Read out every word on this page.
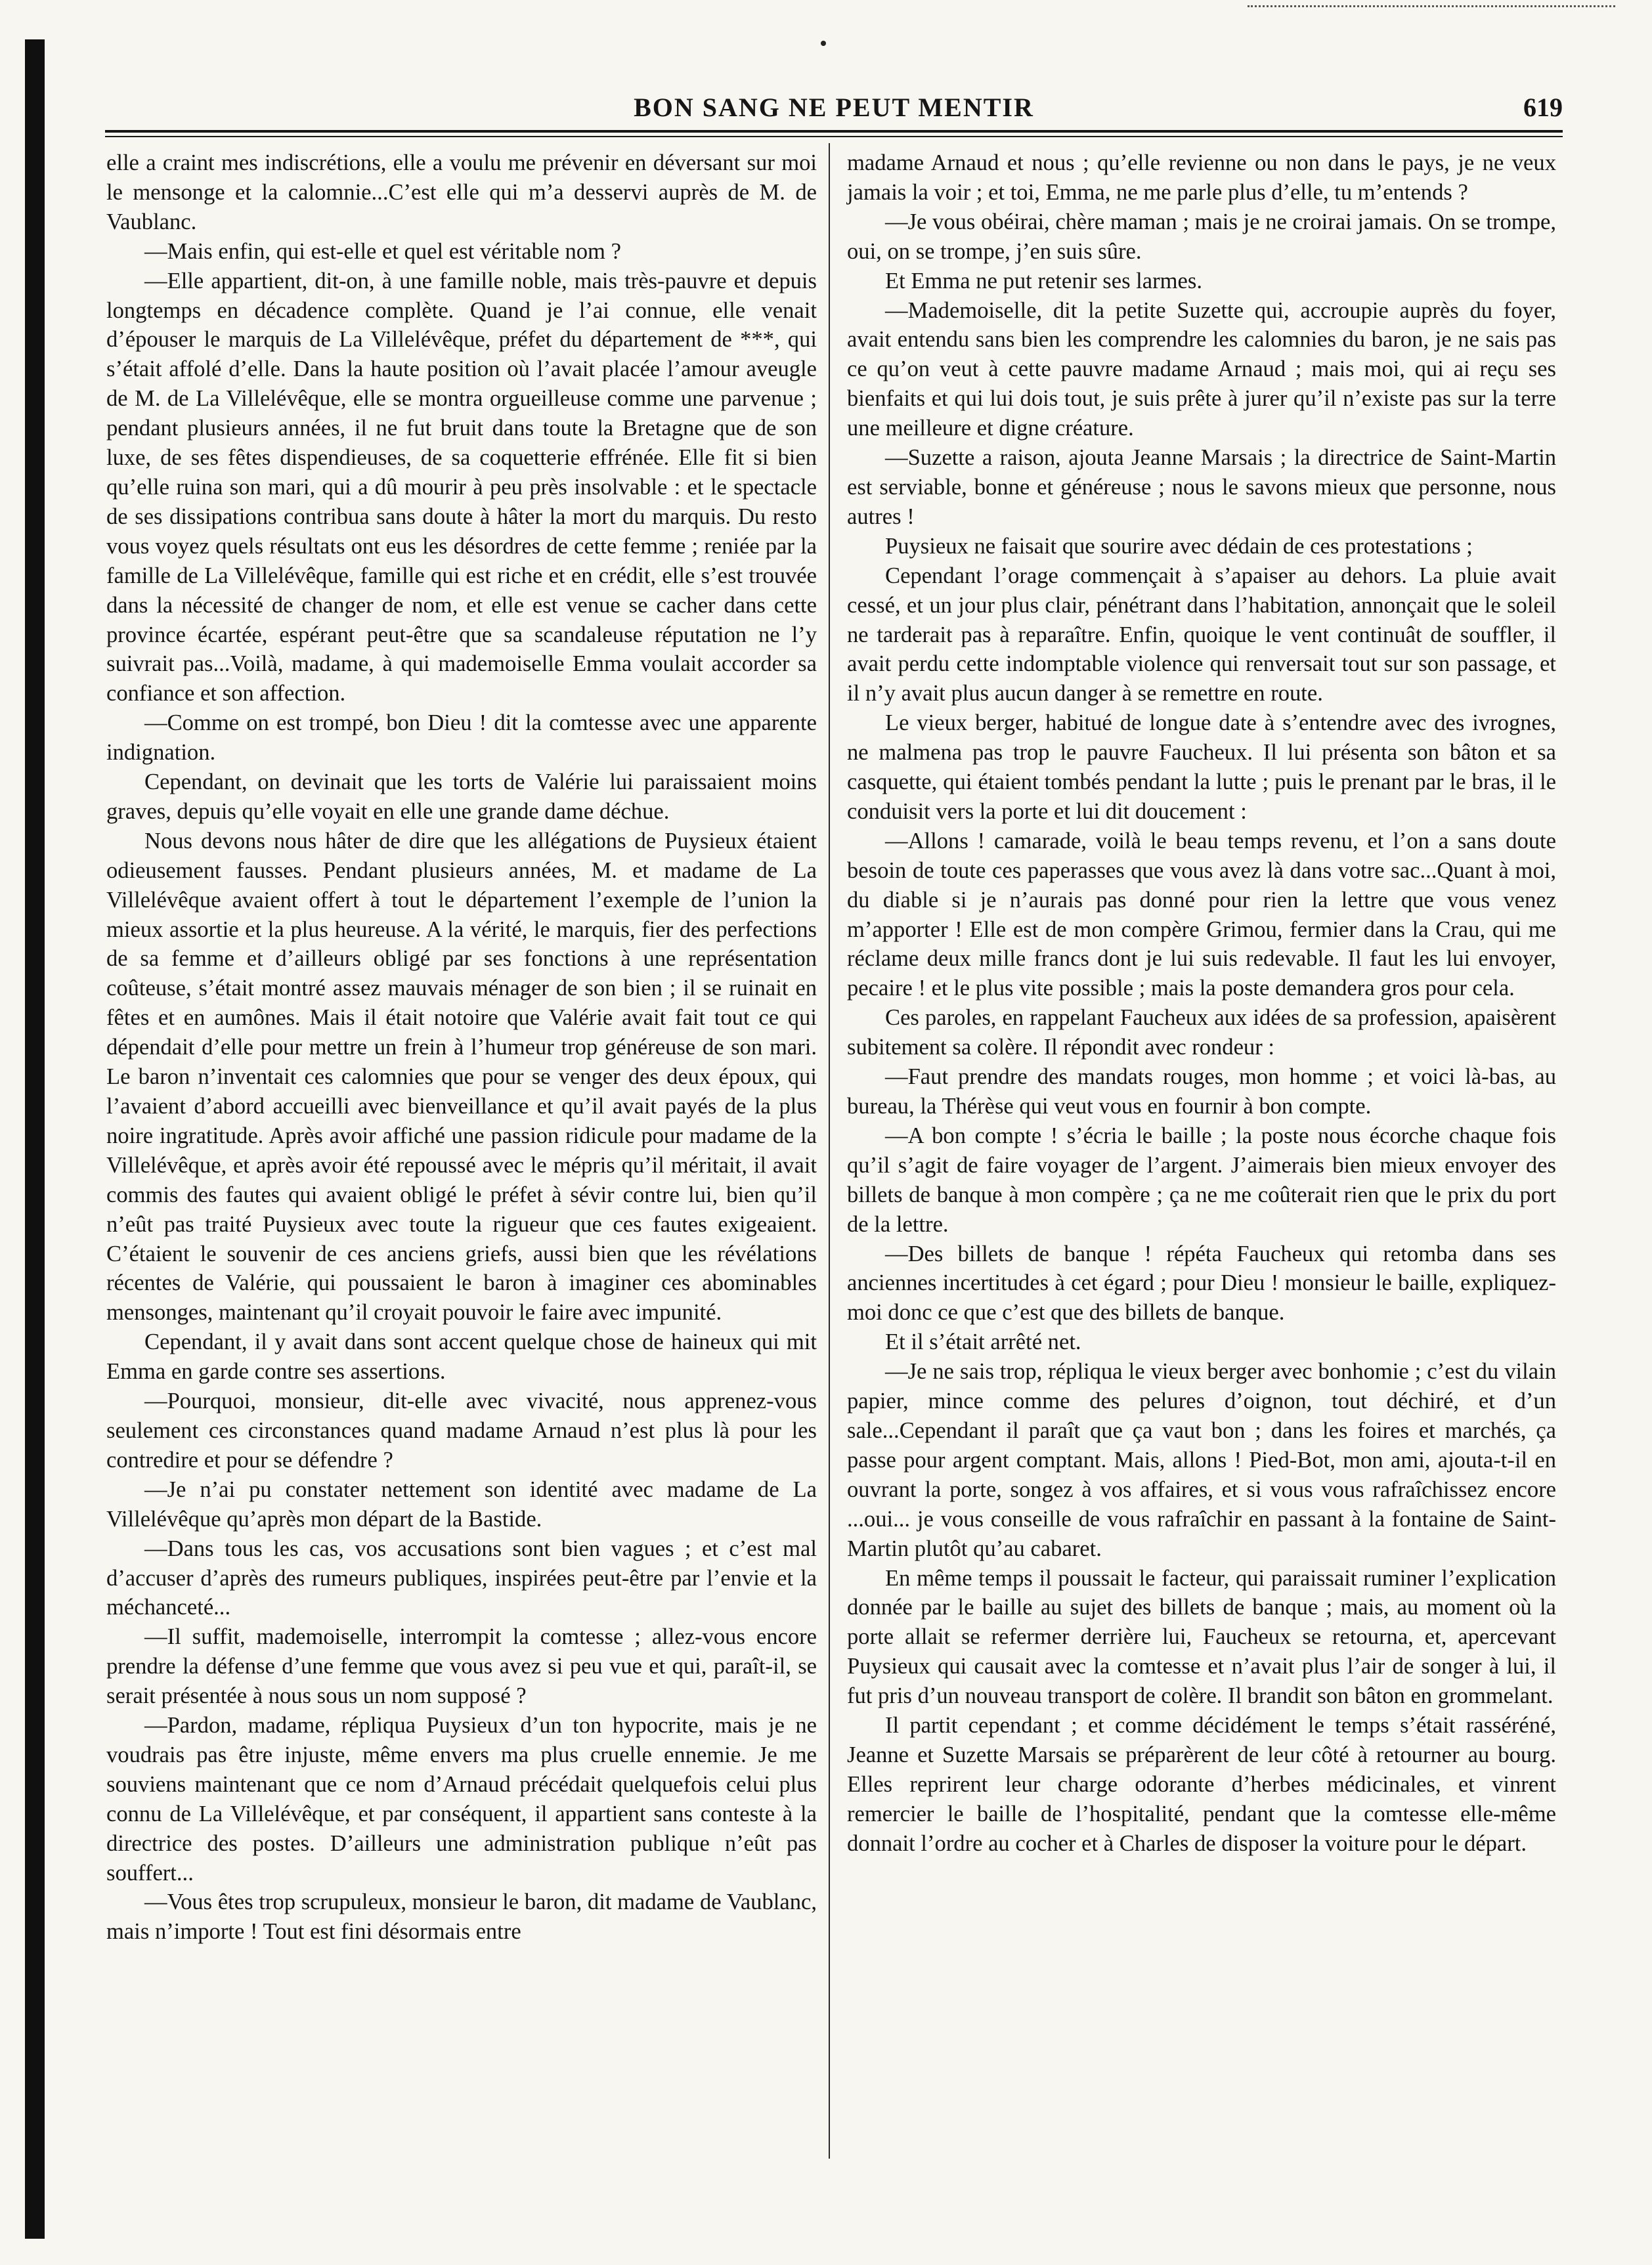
BON SANG NE PEUT MENTIR	619

elle a craint mes indiscrétions, elle a voulu me prévenir en déversant sur moi le mensonge et la calomnie...C’est elle qui m’a desservi auprès de M. de Vaublanc.

—Mais enfin, qui est-elle et quel est véritable nom ?

—Elle appartient, dit-on, à une famille noble, mais très-pauvre et depuis longtemps en décadence complète. Quand je l’ai connue, elle venait d’épouser le marquis de La Villelévêque, préfet du département de ***, qui s’était affolé d’elle. Dans la haute position où l’avait placée l’amour aveugle de M. de La Villelévêque, elle se montra orgueilleuse comme une parvenue ; pendant plusieurs années, il ne fut bruit dans toute la Bretagne que de son luxe, de ses fêtes dispendieuses, de sa coquetterie effrénée. Elle fit si bien qu’elle ruina son mari, qui a dû mourir à peu près insolvable : et le spectacle de ses dissipations contribua sans doute à hâter la mort du marquis. Du resto vous voyez quels résultats ont eus les désordres de cette femme ; reniée par la famille de La Villelévêque, famille qui est riche et en crédit, elle s’est trouvée dans la nécessité de changer de nom, et elle est venue se cacher dans cette province écartée, espérant peut-être que sa scandaleuse réputation ne l’y suivrait pas...Voilà, madame, à qui mademoiselle Emma voulait accorder sa confiance et son affection.

—Comme on est trompé, bon Dieu ! dit la comtesse avec une apparente indignation.

Cependant, on devinait que les torts de Valérie lui paraissaient moins graves, depuis qu’elle voyait en elle une grande dame déchue.

Nous devons nous hâter de dire que les allégations de Puysieux étaient odieusement fausses. Pendant plusieurs années, M. et madame de La Villelévêque avaient offert à tout le département l’exemple de l’union la mieux assortie et la plus heureuse. A la vérité, le marquis, fier des perfections de sa femme et d’ailleurs obligé par ses fonctions à une représentation coûteuse, s’était montré assez mauvais ménager de son bien ; il se ruinait en fêtes et en aumônes. Mais il était notoire que Valérie avait fait tout ce qui dépendait d’elle pour mettre un frein à l’humeur trop généreuse de son mari. Le baron n’inventait ces calomnies que pour se venger des deux époux, qui l’avaient d’abord accueilli avec bienveillance et qu’il avait payés de la plus noire ingratitude. Après avoir affiché une passion ridicule pour madame de la Villelévêque, et après avoir été repoussé avec le mépris qu’il méritait, il avait commis des fautes qui avaient obligé le préfet à sévir contre lui, bien qu’il n’eût pas traité Puysieux avec toute la rigueur que ces fautes exigeaient. C’étaient le souvenir de ces anciens griefs, aussi bien que les révélations récentes de Valérie, qui poussaient le baron à imaginer ces abominables mensonges, maintenant qu’il croyait pouvoir le faire avec impunité.

Cependant, il y avait dans sont accent quelque chose de haineux qui mit Emma en garde contre ses assertions.

—Pourquoi, monsieur, dit-elle avec vivacité, nous apprenez-vous seulement ces circonstances quand madame Arnaud n’est plus là pour les contredire et pour se défendre ?

—Je n’ai pu constater nettement son identité avec madame de La Villelévêque qu’après mon départ de la Bastide.

—Dans tous les cas, vos accusations sont bien vagues ; et c’est mal d’accuser d’après des rumeurs publiques, inspirées peut-être par l’envie et la méchanceté...

—Il suffit, mademoiselle, interrompit la comtesse ; allez-vous encore prendre la défense d’une femme que vous avez si peu vue et qui, paraît-il, se serait présentée à nous sous un nom supposé ?

—Pardon, madame, répliqua Puysieux d’un ton hypocrite, mais je ne voudrais pas être injuste, même envers ma plus cruelle ennemie. Je me souviens maintenant que ce nom d’Arnaud précédait quelquefois celui plus connu de La Villelévêque, et par conséquent, il appartient sans conteste à la directrice des postes. D’ailleurs une administration publique n’eût pas souffert...

—Vous êtes trop scrupuleux, monsieur le baron, dit madame de Vaublanc, mais n’importe ! Tout est fini désormais entre

madame Arnaud et nous ; qu’elle revienne ou non dans le pays, je ne veux jamais la voir ; et toi, Emma, ne me parle plus d’elle, tu m’entends ?

—Je vous obéirai, chère maman ; mais je ne croirai jamais. On se trompe, oui, on se trompe, j’en suis sûre.

Et Emma ne put retenir ses larmes.

—Mademoiselle, dit la petite Suzette qui, accroupie auprès du foyer, avait entendu sans bien les comprendre les calomnies du baron, je ne sais pas ce qu’on veut à cette pauvre madame Arnaud ; mais moi, qui ai reçu ses bienfaits et qui lui dois tout, je suis prête à jurer qu’il n’existe pas sur la terre une meilleure et digne créature.

—Suzette a raison, ajouta Jeanne Marsais ; la directrice de Saint-Martin est serviable, bonne et généreuse ; nous le savons mieux que personne, nous autres !

Puysieux ne faisait que sourire avec dédain de ces protestations ;

Cependant l’orage commençait à s’apaiser au dehors. La pluie avait cessé, et un jour plus clair, pénétrant dans l’habitation, annonçait que le soleil ne tarderait pas à reparaître. Enfin, quoique le vent continuât de souffler, il avait perdu cette indomptable violence qui renversait tout sur son passage, et il n’y avait plus aucun danger à se remettre en route.

Le vieux berger, habitué de longue date à s’entendre avec des ivrognes, ne malmena pas trop le pauvre Faucheux. Il lui présenta son bâton et sa casquette, qui étaient tombés pendant la lutte ; puis le prenant par le bras, il le conduisit vers la porte et lui dit doucement :

—Allons ! camarade, voilà le beau temps revenu, et l’on a sans doute besoin de toute ces paperasses que vous avez là dans votre sac...Quant à moi, du diable si je n’aurais pas donné pour rien la lettre que vous venez m’apporter ! Elle est de mon compère Grimou, fermier dans la Crau, qui me réclame deux mille francs dont je lui suis redevable. Il faut les lui envoyer, pecaire ! et le plus vite possible ; mais la poste demandera gros pour cela.

Ces paroles, en rappelant Faucheux aux idées de sa profession, apaisèrent subitement sa colère. Il répondit avec rondeur :

—Faut prendre des mandats rouges, mon homme ; et voici là-bas, au bureau, la Thérèse qui veut vous en fournir à bon compte.

—A bon compte ! s’écria le baille ; la poste nous écorche chaque fois qu’il s’agit de faire voyager de l’argent. J’aimerais bien mieux envoyer des billets de banque à mon compère ; ça ne me coûterait rien que le prix du port de la lettre.

—Des billets de banque ! répéta Faucheux qui retomba dans ses anciennes incertitudes à cet égard ; pour Dieu ! monsieur le baille, expliquez-moi donc ce que c’est que des billets de banque.

Et il s’était arrêté net.

—Je ne sais trop, répliqua le vieux berger avec bonhomie ; c’est du vilain papier, mince comme des pelures d’oignon, tout déchiré, et d’un sale...Cependant il paraît que ça vaut bon ; dans les foires et marchés, ça passe pour argent comptant. Mais, allons ! Pied-Bot, mon ami, ajouta-t-il en ouvrant la porte, songez à vos affaires, et si vous vous rafraîchissez encore ...oui... je vous conseille de vous rafraîchir en passant à la fontaine de Saint-Martin plutôt qu’au cabaret.

En même temps il poussait le facteur, qui paraissait ruminer l’explication donnée par le baille au sujet des billets de banque ; mais, au moment où la porte allait se refermer derrière lui, Faucheux se retourna, et, apercevant Puysieux qui causait avec la comtesse et n’avait plus l’air de songer à lui, il fut pris d’un nouveau transport de colère. Il brandit son bâton en grommelant.

Il partit cependant ; et comme décidément le temps s’était rasséréné, Jeanne et Suzette Marsais se préparèrent de leur côté à retourner au bourg. Elles reprirent leur charge odorante d’herbes médicinales, et vinrent remercier le baille de l’hospitalité, pendant que la comtesse elle-même donnait l’ordre au cocher et à Charles de disposer la voiture pour le départ.
